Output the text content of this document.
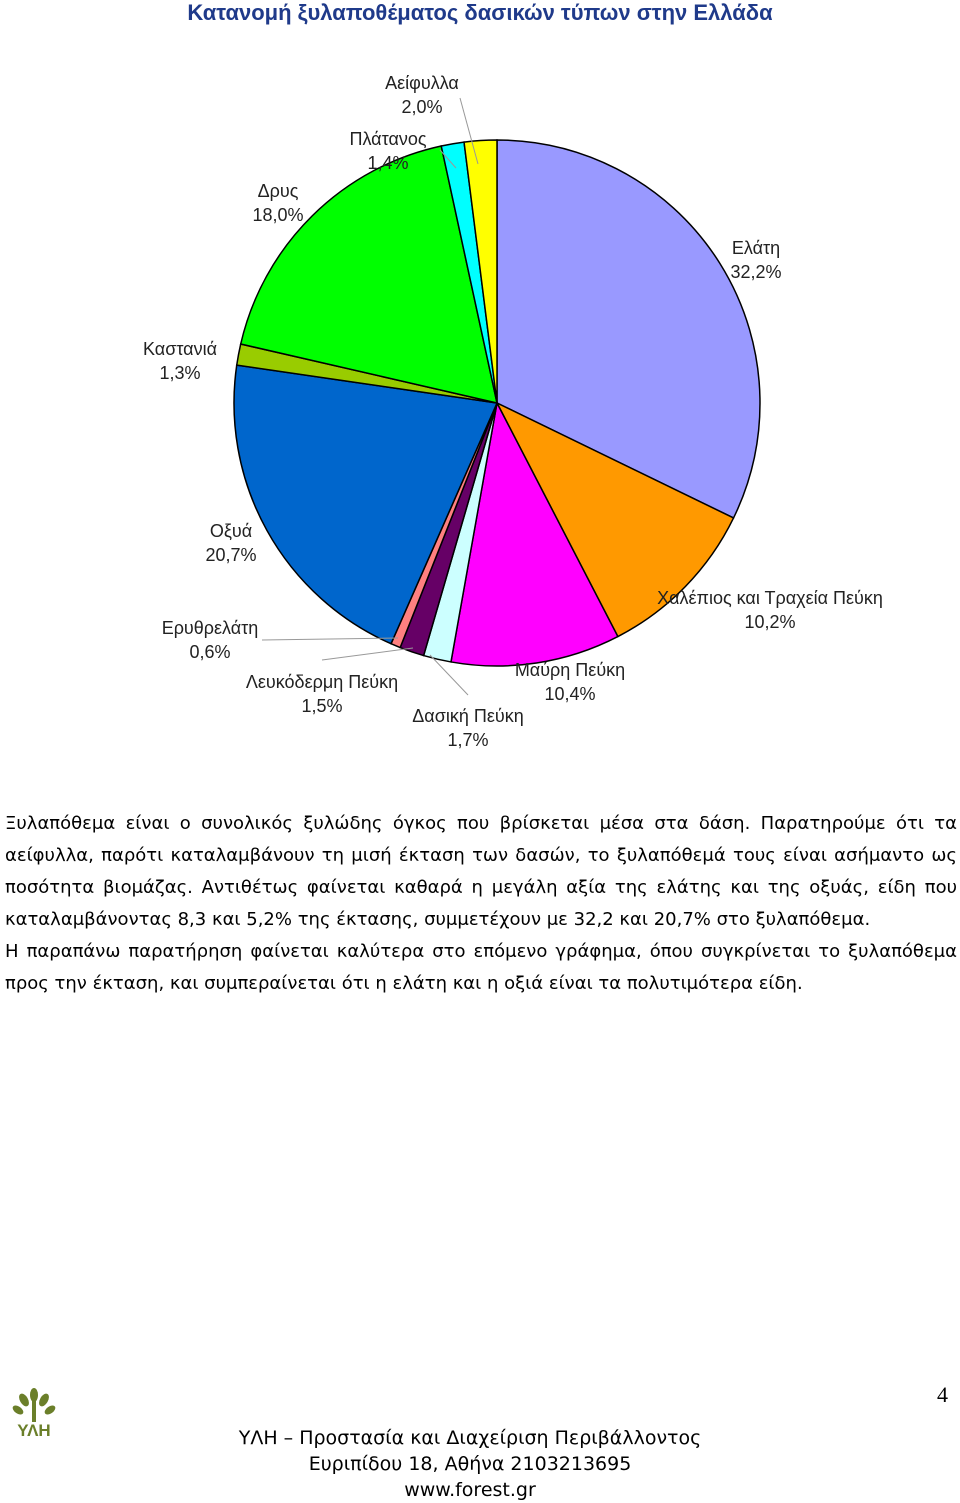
Κατανομή ξυλαποθέματος δασικών τύπων στην Ελλάδα
Ελάτη 32,2%
Χαλέπιος και Τραχεία Πεύκη 10,2%
Μαύρη Πεύκη 10,4%
Δασική Πεύκη 1,7%
Λευκόδερμη Πεύκη 1,5%
Ερυθρελάτη 0,6%
Οξυά 20,7%
Καστανιά 1,3%
Δρυς 18,0%
Πλάτανος 1,4%
Αείφυλλα 2,0%

Ξυλαπόθεμα είναι ο συνολικός ξυλώδης όγκος που βρίσκεται μέσα στα δάση. Παρατηρούμε ότι τα αείφυλλα, παρότι καταλαμβάνουν τη μισή έκταση των δασών, το ξυλαπόθεμά τους είναι ασήμαντο ως ποσότητα βιομάζας. Αντιθέτως φαίνεται καθαρά η μεγάλη αξία της ελάτης και της οξυάς, είδη που καταλαμβάνοντας 8,3 και 5,2% της έκτασης, συμμετέχουν με 32,2 και 20,7% στο ξυλαπόθεμα.

Η παραπάνω παρατήρηση φαίνεται καλύτερα στο επόμενο γράφημα, όπου συγκρίνεται το ξυλαπόθεμα προς την έκταση, και συμπεραίνεται ότι η ελάτη και η οξιά είναι τα πολυτιμότερα είδη.

ΥΛΗ
4
ΥΛΗ – Προστασία και Διαχείριση Περιβάλλοντος
Ευριπίδου 18, Αθήνα 2103213695
www.forest.gr
